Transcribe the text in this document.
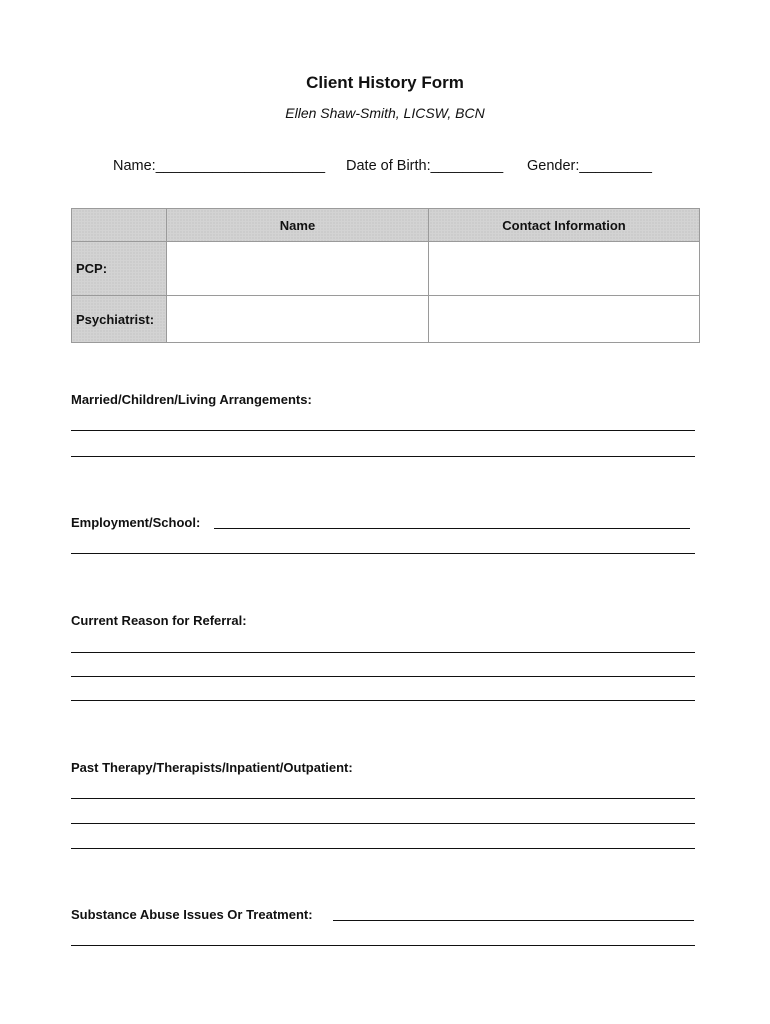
Client History Form
Ellen Shaw-Smith, LICSW, BCN
Name:_____________________ Date of Birth:_________ Gender:_________
	Name	Contact Information
PCP:		
Psychiatrist:		
Married/Children/Living Arrangements:
Employment/School:
Current Reason for Referral:
Past Therapy/Therapists/Inpatient/Outpatient:
Substance Abuse Issues Or Treatment:
